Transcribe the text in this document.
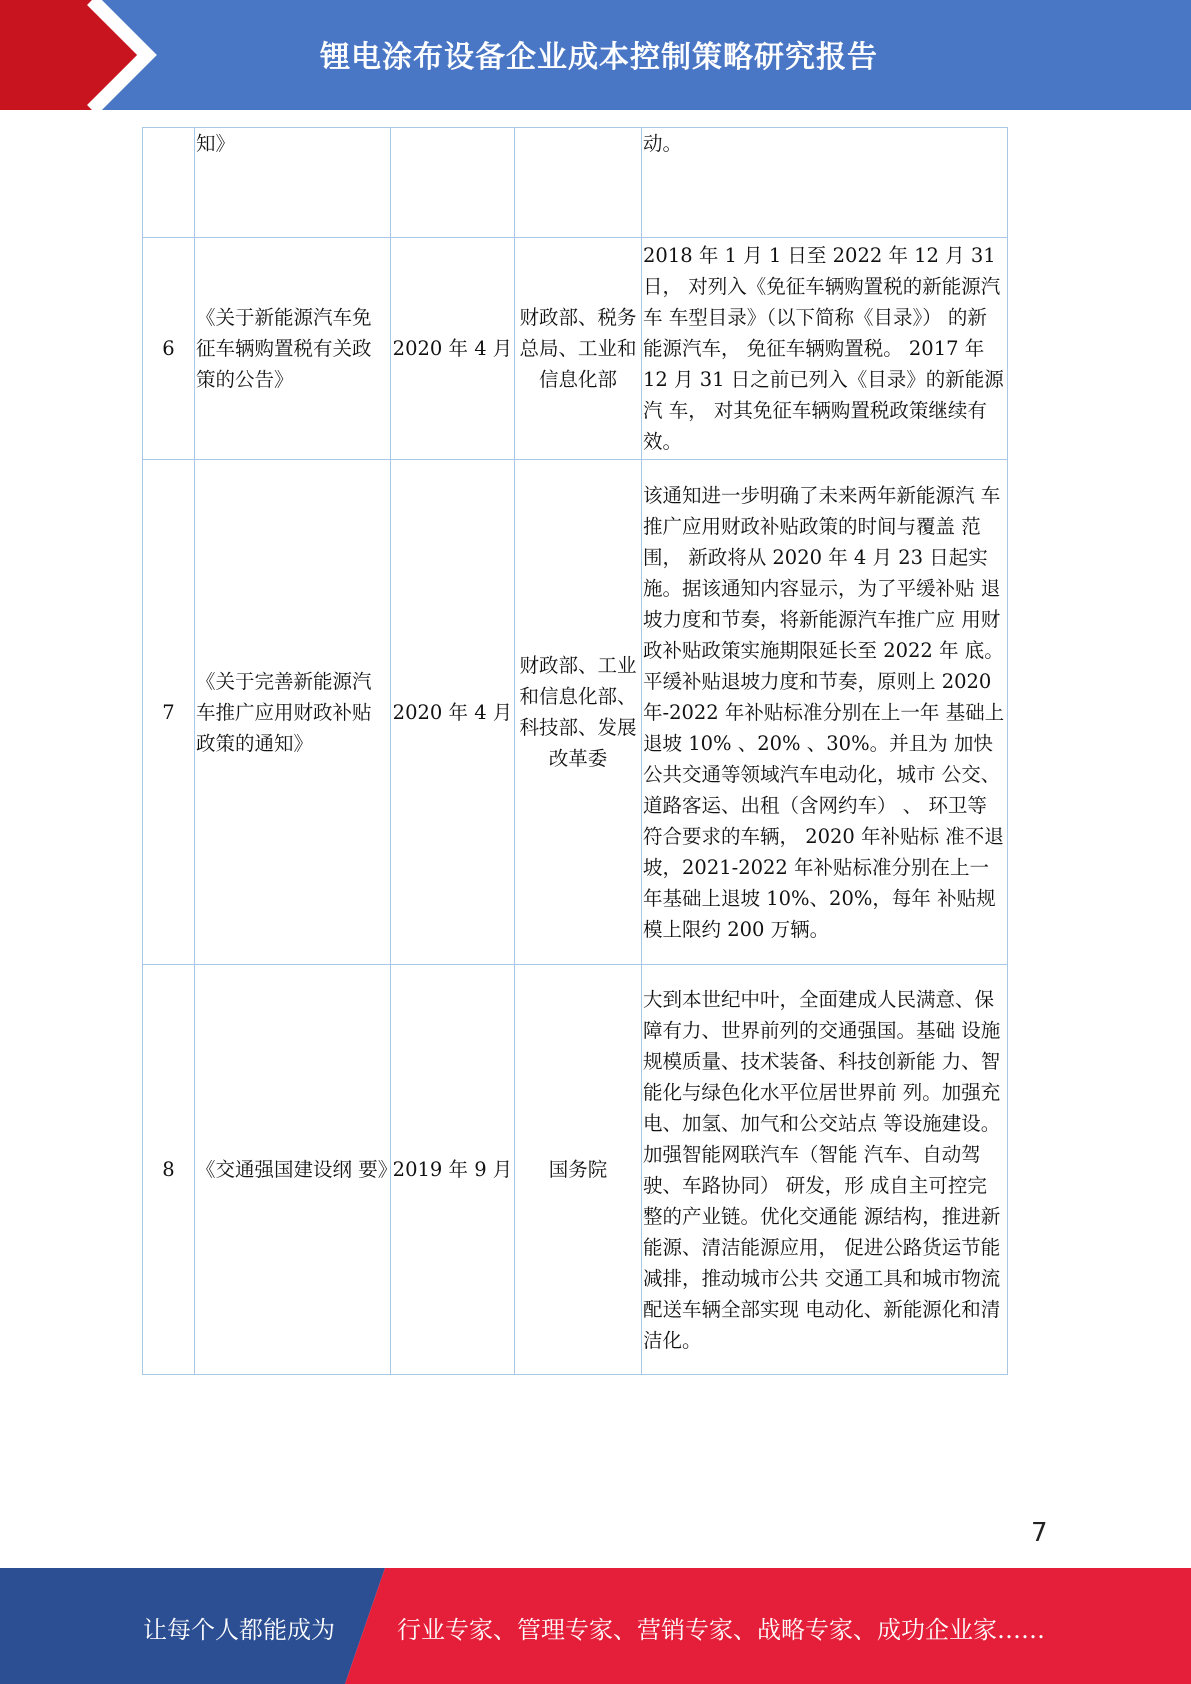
锂电涂布设备企业成本控制策略研究报告
	知》			动。
6	《关于新能源汽车免 征车辆购置税有关政 策的公告》	2020 年 4 月	财政部、税务总局、工业和信息化部	2018 年 1 月 1 日至 2022 年 12 月 31 日， 对列入《免征车辆购置税的新能源汽车 车型目录》（以下简称《目录》） 的新 能源汽车， 免征车辆购置税。 2017 年 12 月 31 日之前已列入《目录》的新能源汽 车， 对其免征车辆购置税政策继续有 效。
7	《关于完善新能源汽 车推广应用财政补贴 政策的通知》	2020 年 4 月	财政部、工业和信息化部、科技部、发展改革委	该通知进一步明确了未来两年新能源汽 车推广应用财政补贴政策的时间与覆盖 范围， 新政将从 2020 年 4 月 23 日起实 施。据该通知内容显示，为了平缓补贴 退坡力度和节奏，将新能源汽车推广应 用财政补贴政策实施期限延长至 2022 年 底。平缓补贴退坡力度和节奏，原则上 2020 年-2022 年补贴标准分别在上一年 基础上退坡 10% 、20% 、30%。并且为 加快公共交通等领域汽车电动化，城市 公交、道路客运、出租（含网约车） 、 环卫等符合要求的车辆， 2020 年补贴标 准不退坡，2021-2022 年补贴标准分别在上一年基础上退坡 10%、20%，每年 补贴规模上限约 200 万辆。
8	《交通强国建设纲 要》	2019 年 9 月	国务院	大到本世纪中叶，全面建成人民满意、保障有力、世界前列的交通强国。基础 设施规模质量、技术装备、科技创新能 力、智能化与绿色化水平位居世界前 列。加强充电、加氢、加气和公交站点 等设施建设。加强智能网联汽车（智能 汽车、自动驾驶、车路协同） 研发，形 成自主可控完整的产业链。优化交通能 源结构，推进新能源、清洁能源应用， 促进公路货运节能减排，推动城市公共 交通工具和城市物流配送车辆全部实现 电动化、新能源化和清洁化。
7
让每个人都能成为	行业专家、管理专家、营销专家、战略专家、成功企业家……
